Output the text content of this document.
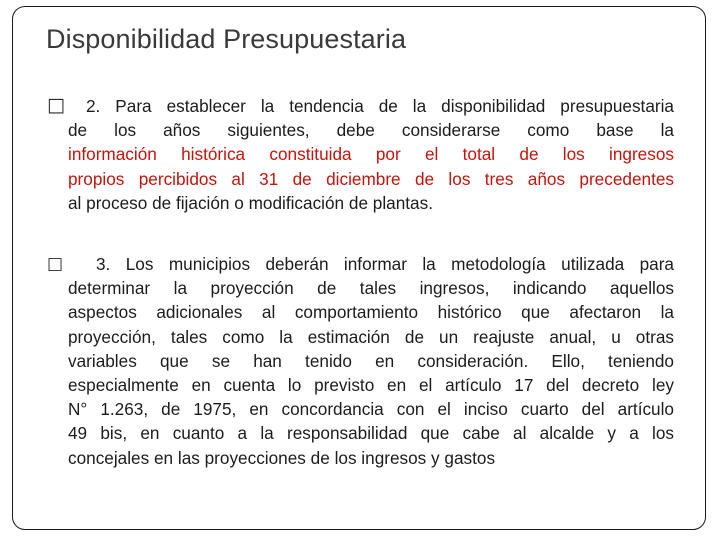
Disponibilidad Presupuestaria
□	2. Para establecer la tendencia de la disponibilidad presupuestaria
de los años siguientes, debe considerarse como base la
información histórica constituida por el total de los ingresos
propios percibidos al 31 de diciembre de los tres años precedentes
al proceso de fijación o modificación de plantas.
□	3. Los municipios deberán informar la metodología utilizada para
determinar la proyección de tales ingresos, indicando aquellos
aspectos adicionales al comportamiento histórico que afectaron la
proyección, tales como la estimación de un reajuste anual, u otras
variables que se han tenido en consideración. Ello, teniendo
especialmente en cuenta lo previsto en el artículo 17 del decreto ley
N° 1.263, de 1975, en concordancia con el inciso cuarto del artículo
49 bis, en cuanto a la responsabilidad que cabe al alcalde y a los
concejales en las proyecciones de los ingresos y gastos
